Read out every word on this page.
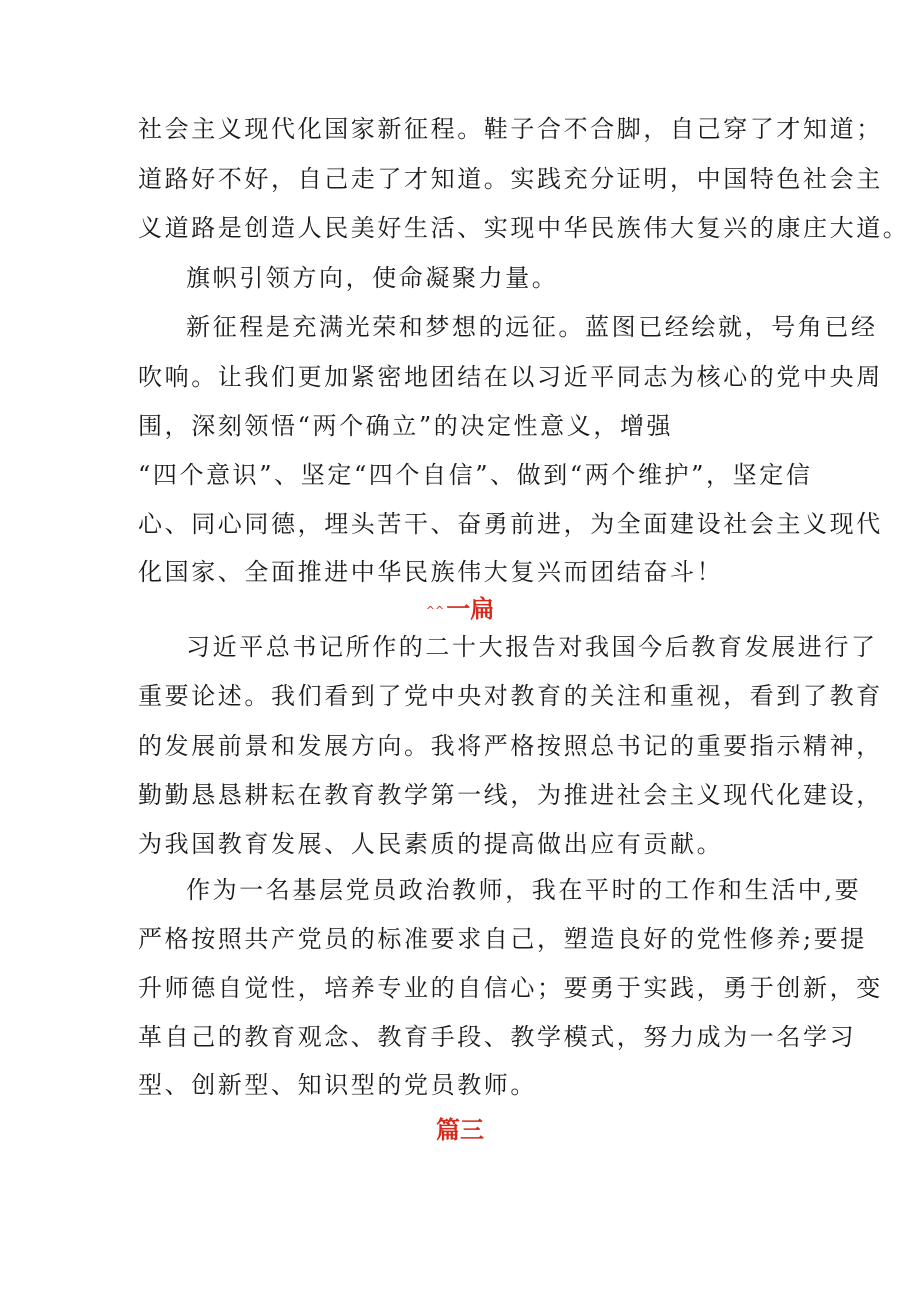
社会主义现代化国家新征程。鞋子合不合脚，自己穿了才知道；
道路好不好，自己走了才知道。实践充分证明，中国特色社会主
义道路是创造人民美好生活、实现中华民族伟大复兴的康庄大道。
旗帜引领方向，使命凝聚力量。
新征程是充满光荣和梦想的远征。蓝图已经绘就，号角已经
吹响。让我们更加紧密地团结在以习近平同志为核心的党中央周
围，深刻领悟“两个确立”的决定性意义，增强
“四个意识”、坚定“四个自信”、做到“两个维护”，坚定信
心、同心同德，埋头苦干、奋勇前进，为全面建设社会主义现代
化国家、全面推进中华民族伟大复兴而团结奋斗！
^^一扁
习近平总书记所作的二十大报告对我国今后教育发展进行了
重要论述。我们看到了党中央对教育的关注和重视，看到了教育
的发展前景和发展方向。我将严格按照总书记的重要指示精神，
勤勤恳恳耕耘在教育教学第一线，为推进社会主义现代化建设，
为我国教育发展、人民素质的提高做出应有贡献。
作为一名基层党员政治教师，我在平时的工作和生活中,要
严格按照共产党员的标准要求自己，塑造良好的党性修养;要提
升师德自觉性，培养专业的自信心；要勇于实践，勇于创新，变
革自己的教育观念、教育手段、教学模式，努力成为一名学习
型、创新型、知识型的党员教师。
篇三
